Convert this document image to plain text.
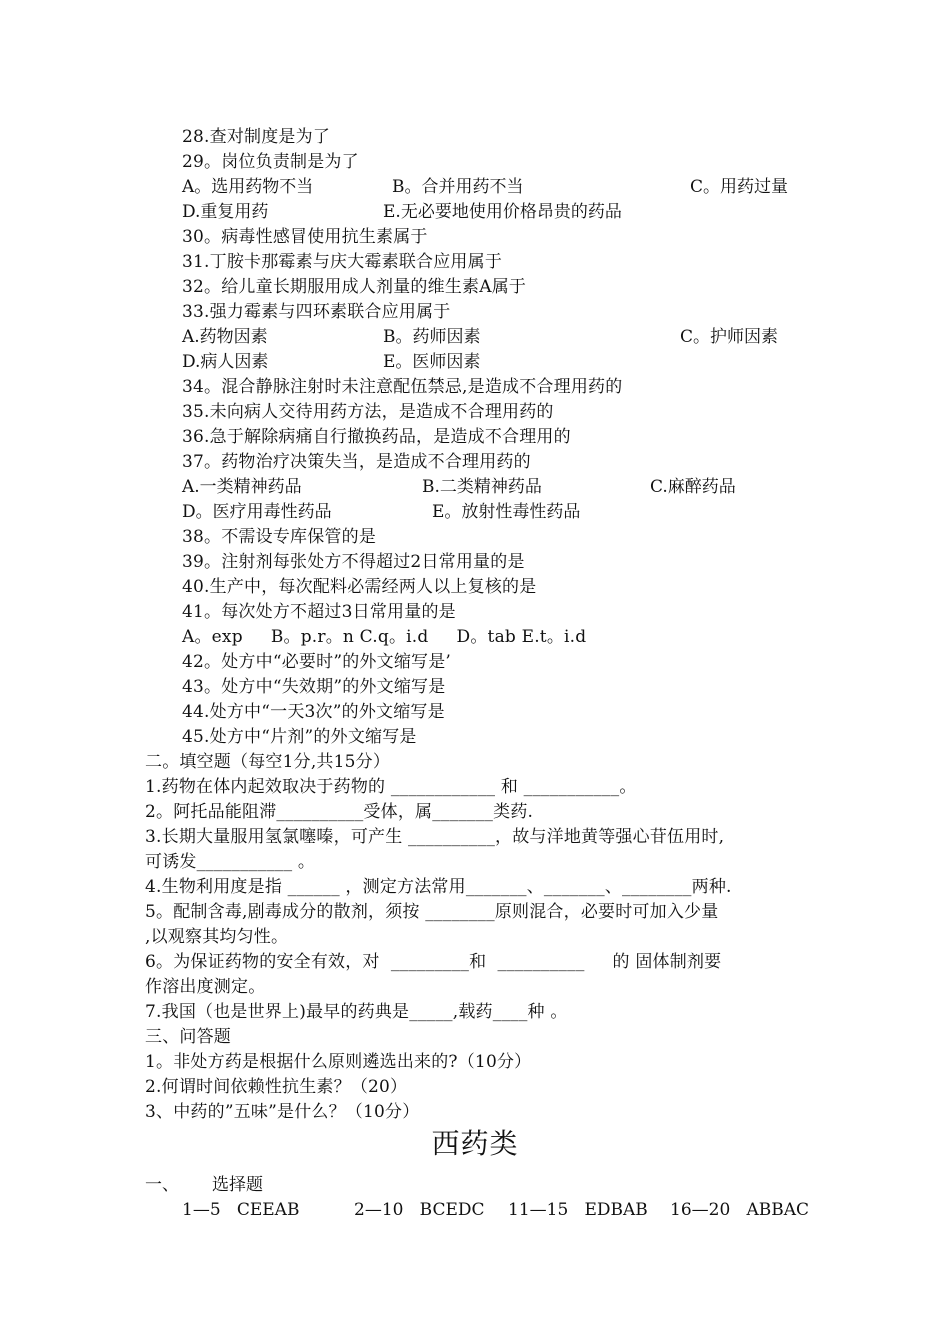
28.查对制度是为了
29。岗位负责制是为了
A。选用药物不当	B。合并用药不当	C。用药过量
D.重复用药	E.无必要地使用价格昂贵的药品
30。病毒性感冒使用抗生素属于
31.丁胺卡那霉素与庆大霉素联合应用属于
32。给儿童长期服用成人剂量的维生素A属于
33.强力霉素与四环素联合应用属于
A.药物因素	B。药师因素	C。护师因素
D.病人因素	E。医师因素
34。混合静脉注射时未注意配伍禁忌,是造成不合理用药的
35.未向病人交待用药方法，是造成不合理用药的
36.急于解除病痛自行撤换药品，是造成不合理用的
37。药物治疗决策失当，是造成不合理用药的
A.一类精神药品	B.二类精神药品	C.麻醉药品
D。医疗用毒性药品	E。放射性毒性药品
38。不需设专库保管的是
39。注射剂每张处方不得超过2日常用量的是
40.生产中，每次配料必需经两人以上复核的是
41。每次处方不超过3日常用量的是
A。exp     B。p.r。n C.q。i.d     D。tab E.t。i.d
42。处方中“必要时”的外文缩写是’
43。处方中“失效期”的外文缩写是
44.处方中“一天3次”的外文缩写是
45.处方中“片剂”的外文缩写是
二。填空题（每空1分,共15分）
1.药物在体内起效取决于药物的 ____________ 和 ___________。
2。阿托品能阻滞__________受体，属_______类药.
3.长期大量服用氢氯噻嗪，可产生 __________，故与洋地黄等强心苷伍用时,
可诱发___________ 。
4.生物利用度是指 ______ ，测定方法常用_______、_______、________两种.
5。配制含毒,剧毒成分的散剂，须按 ________原则混合，必要时可加入少量
,以观察其均匀性。
6。为保证药物的安全有效，对  _________和  __________     的 固体制剂要
作溶出度测定。
7.我国（也是世界上)最早的药典是_____,载药____种 。
三、问答题
1。非处方药是根据什么原则遴选出来的?（10分）
2.何谓时间依赖性抗生素？（20）
3、中药的”五味”是什么？（10分）
西药类
一、 选择题
1—5   CEEAB	2—10   BCEDC 11—15   EDBAB 16—20   ABBAC
